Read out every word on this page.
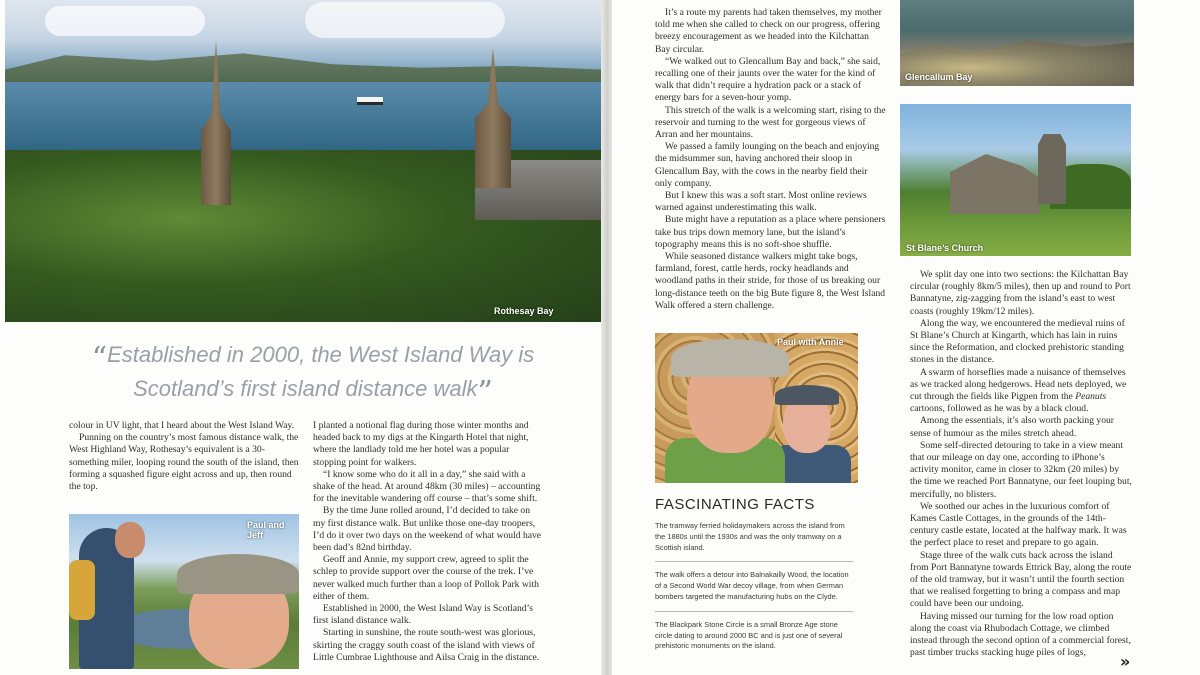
Rothesay Bay
“Established in 2000, the West Island Way is Scotland’s first island distance walk”

colour in UV light, that I heard about the West Island Way.

Punning on the country’s most famous distance walk, the West Highland Way, Rothesay’s equivalent is a 30-something miler, looping round the south of the island, then forming a squashed figure eight across and up, then round the top.

Paul and Jeff

I planted a notional flag during those winter months and headed back to my digs at the Kingarth Hotel that night, where the landlady told me her hotel was a popular stopping point for walkers.

“I know some who do it all in a day,” she said with a shake of the head. At around 48km (30 miles) – accounting for the inevitable wandering off course – that’s some shift.

By the time June rolled around, I’d decided to take on my first distance walk. But unlike those one-day troopers, I’d do it over two days on the weekend of what would have been dad’s 82nd birthday.

Geoff and Annie, my support crew, agreed to split the schlep to provide support over the course of the trek. I’ve never walked much further than a loop of Pollok Park with either of them.

Established in 2000, the West Island Way is Scotland’s first island distance walk.

Starting in sunshine, the route south-west was glorious, skirting the craggy south coast of the island with views of Little Cumbrae Lighthouse and Ailsa Craig in the distance.

It’s a route my parents had taken themselves, my mother told me when she called to check on our progress, offering breezy encouragement as we headed into the Kilchattan Bay circular.

“We walked out to Glencallum Bay and back,” she said, recalling one of their jaunts over the water for the kind of walk that didn’t require a hydration pack or a stack of energy bars for a seven-hour yomp.

This stretch of the walk is a welcoming start, rising to the reservoir and turning to the west for gorgeous views of Arran and her mountains.

We passed a family lounging on the beach and enjoying the midsummer sun, having anchored their sloop in Glencallum Bay, with the cows in the nearby field their only company.

But I knew this was a soft start. Most online reviews warned against underestimating this walk.

Bute might have a reputation as a place where pensioners take bus trips down memory lane, but the island’s topography means this is no soft-shoe shuffle.

While seasoned distance walkers might take bogs, farmland, forest, cattle herds, rocky headlands and woodland paths in their stride, for those of us breaking our long-distance teeth on the big Bute figure 8, the West Island Walk offered a stern challenge.

Glencallum Bay
St Blane’s Church
Paul with Annie

We split day one into two sections: the Kilchattan Bay circular (roughly 8km/5 miles), then up and round to Port Bannatyne, zig-zagging from the island’s east to west coasts (roughly 19km/12 miles).

Along the way, we encountered the medieval ruins of St Blane’s Church at Kingarth, which has lain in ruins since the Reformation, and clocked prehistoric standing stones in the distance.

A swarm of horseflies made a nuisance of themselves as we tracked along hedgerows. Head nets deployed, we cut through the fields like Pigpen from the Peanuts cartoons, followed as he was by a black cloud.

Among the essentials, it’s also worth packing your sense of humour as the miles stretch ahead.

Some self-directed detouring to take in a view meant that our mileage on day one, according to iPhone’s activity monitor, came in closer to 32km (20 miles) by the time we reached Port Bannatyne, our feet louping but, mercifully, no blisters.

We soothed our aches in the luxurious comfort of Kames Castle Cottages, in the grounds of the 14th-century castle estate, located at the halfway mark. It was the perfect place to reset and prepare to go again.

Stage three of the walk cuts back across the island from Port Bannatyne towards Ettrick Bay, along the route of the old tramway, but it wasn’t until the fourth section that we realised forgetting to bring a compass and map could have been our undoing.

Having missed our turning for the low road option along the coast via Rhubodach Cottage, we climbed instead through the second option of a commercial forest, past timber trucks stacking huge piles of logs,

FASCINATING FACTS
The tramway ferried holidaymakers across the island from the 1880s until the 1930s and was the only tramway on a Scottish island.
The walk offers a detour into Balnakailly Wood, the location of a Second World War decoy village, from when German bombers targeted the manufacturing hubs on the Clyde.
The Blackpark Stone Circle is a small Bronze Age stone circle dating to around 2000 BC and is just one of several prehistoric monuments on the island.
»
